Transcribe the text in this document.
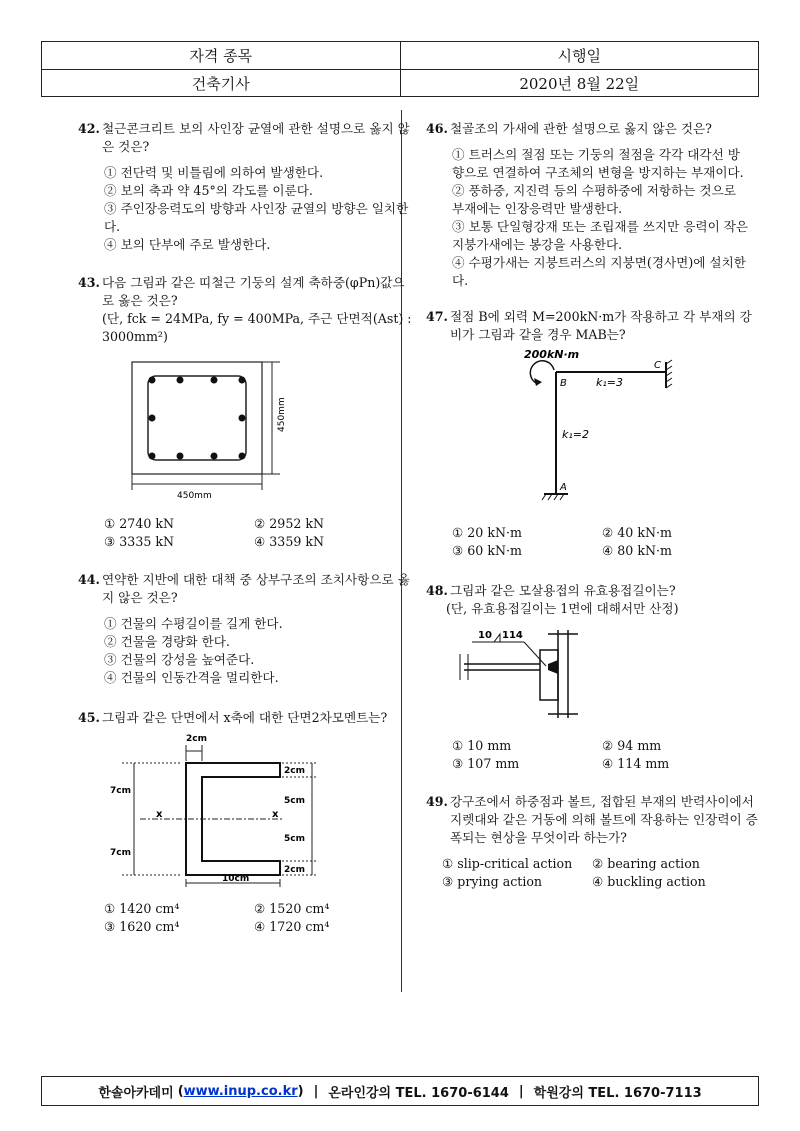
자격 종목	시행일
건축기사	2020년 8월 22일
42. 철근콘크리트 보의 사인장 균열에 관한 설명으로 옳지 않은 것은?
① 전단력 및 비틀림에 의하여 발생한다.
② 보의 축과 약 45°의 각도를 이룬다.
③ 주인장응력도의 방향과 사인장 균열의 방향은 일치한다.
④ 보의 단부에 주로 발생한다.
43. 다음 그림과 같은 띠철근 기둥의 설계 축하중(φPn)값으로 옳은 것은?
(단, fck = 24MPa, fy = 400MPa, 주근 단면적(Ast) : 3000mm²)
450mm
450mm
① 2740 kN	② 2952 kN
③ 3335 kN	④ 3359 kN
44. 연약한 지반에 대한 대책 중 상부구조의 조치사항으로 옳지 않은 것은?
① 건물의 수평길이를 길게 한다.
② 건물을 경량화 한다.
③ 건물의 강성을 높여준다.
④ 건물의 인동간격을 멀리한다.
45. 그림과 같은 단면에서 x축에 대한 단면2차모멘트는?
2cm
7cm
7cm
x	x
2cm
5cm
5cm
2cm
10cm
① 1420 cm⁴	② 1520 cm⁴
③ 1620 cm⁴	④ 1720 cm⁴
46. 철골조의 가새에 관한 설명으로 옳지 않은 것은?
① 트러스의 절점 또는 기둥의 절점을 각각 대각선 방향으로 연결하여 구조체의 변형을 방지하는 부재이다.
② 풍하중, 지진력 등의 수평하중에 저항하는 것으로 부재에는 인장응력만 발생한다.
③ 보통 단일형강재 또는 조립재를 쓰지만 응력이 작은 지붕가새에는 봉강을 사용한다.
④ 수평가새는 지붕트러스의 지붕면(경사면)에 설치한다.
47. 절점 B에 외력 M=200kN·m가 작용하고 각 부재의 강비가 그림과 같을 경우 MAB는?
200kN·m
B
C
A
k₁=3
k₁=2
① 20 kN·m	② 40 kN·m
③ 60 kN·m	④ 80 kN·m
48. 그림과 같은 모살용접의 유효용접길이는?
(단, 유효용접길이는 1면에 대해서만 산정)
10 114
① 10 mm	② 94 mm
③ 107 mm	④ 114 mm
49. 강구조에서 하중점과 볼트, 접합된 부재의 반력사이에서 지렛대와 같은 거동에 의해 볼트에 작용하는 인장력이 증폭되는 현상을 무엇이라 하는가?
① slip-critical action	② bearing action
③ prying action	④ buckling action
한솔아카데미 (www.inup.co.kr) | 온라인강의 TEL. 1670-6144 | 학원강의 TEL. 1670-7113
